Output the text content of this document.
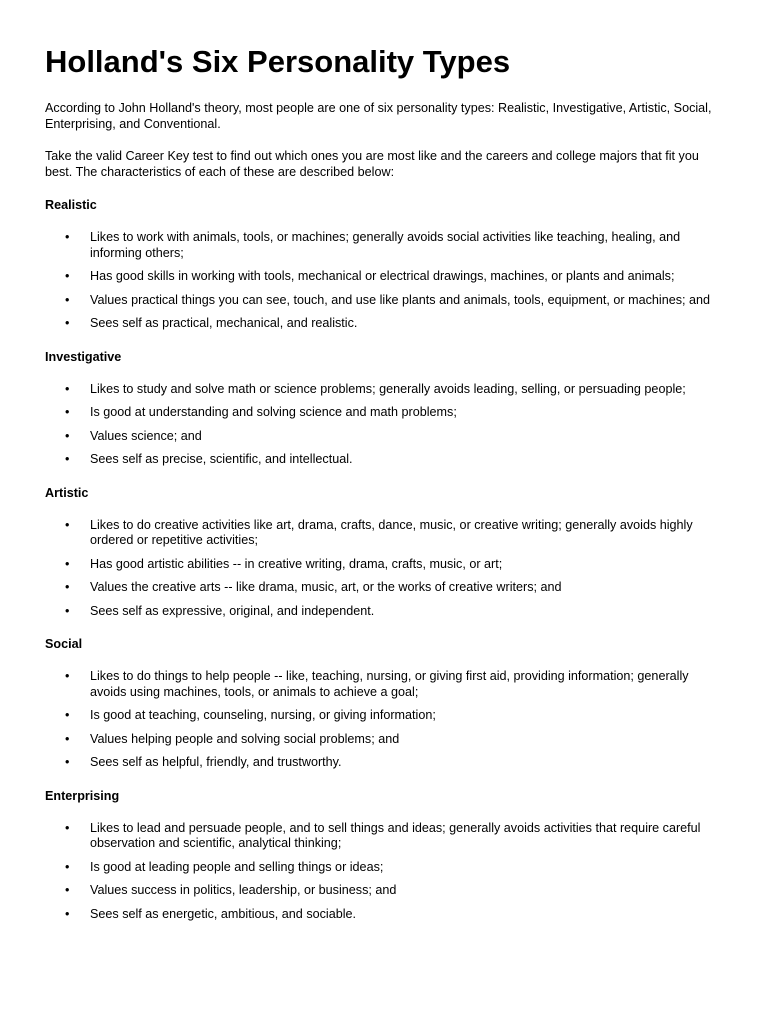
Holland's Six Personality Types

According to John Holland's theory, most people are one of six personality types: Realistic, Investigative, Artistic, Social, Enterprising, and Conventional.

Take the valid Career Key test to find out which ones you are most like and the careers and college majors that fit you best. The characteristics of each of these are described below:

Realistic
• Likes to work with animals, tools, or machines; generally avoids social activities like teaching, healing, and informing others;
• Has good skills in working with tools, mechanical or electrical drawings, machines, or plants and animals;
• Values practical things you can see, touch, and use like plants and animals, tools, equipment, or machines; and
• Sees self as practical, mechanical, and realistic.
Investigative
• Likes to study and solve math or science problems; generally avoids leading, selling, or persuading people;
• Is good at understanding and solving science and math problems;
• Values science; and
• Sees self as precise, scientific, and intellectual.
Artistic
• Likes to do creative activities like art, drama, crafts, dance, music, or creative writing; generally avoids highly ordered or repetitive activities;
• Has good artistic abilities -- in creative writing, drama, crafts, music, or art;
• Values the creative arts -- like drama, music, art, or the works of creative writers; and
• Sees self as expressive, original, and independent.
Social
• Likes to do things to help people -- like, teaching, nursing, or giving first aid, providing information; generally avoids using machines, tools, or animals to achieve a goal;
• Is good at teaching, counseling, nursing, or giving information;
• Values helping people and solving social problems; and
• Sees self as helpful, friendly, and trustworthy.
Enterprising
• Likes to lead and persuade people, and to sell things and ideas; generally avoids activities that require careful observation and scientific, analytical thinking;
• Is good at leading people and selling things or ideas;
• Values success in politics, leadership, or business; and
• Sees self as energetic, ambitious, and sociable.
